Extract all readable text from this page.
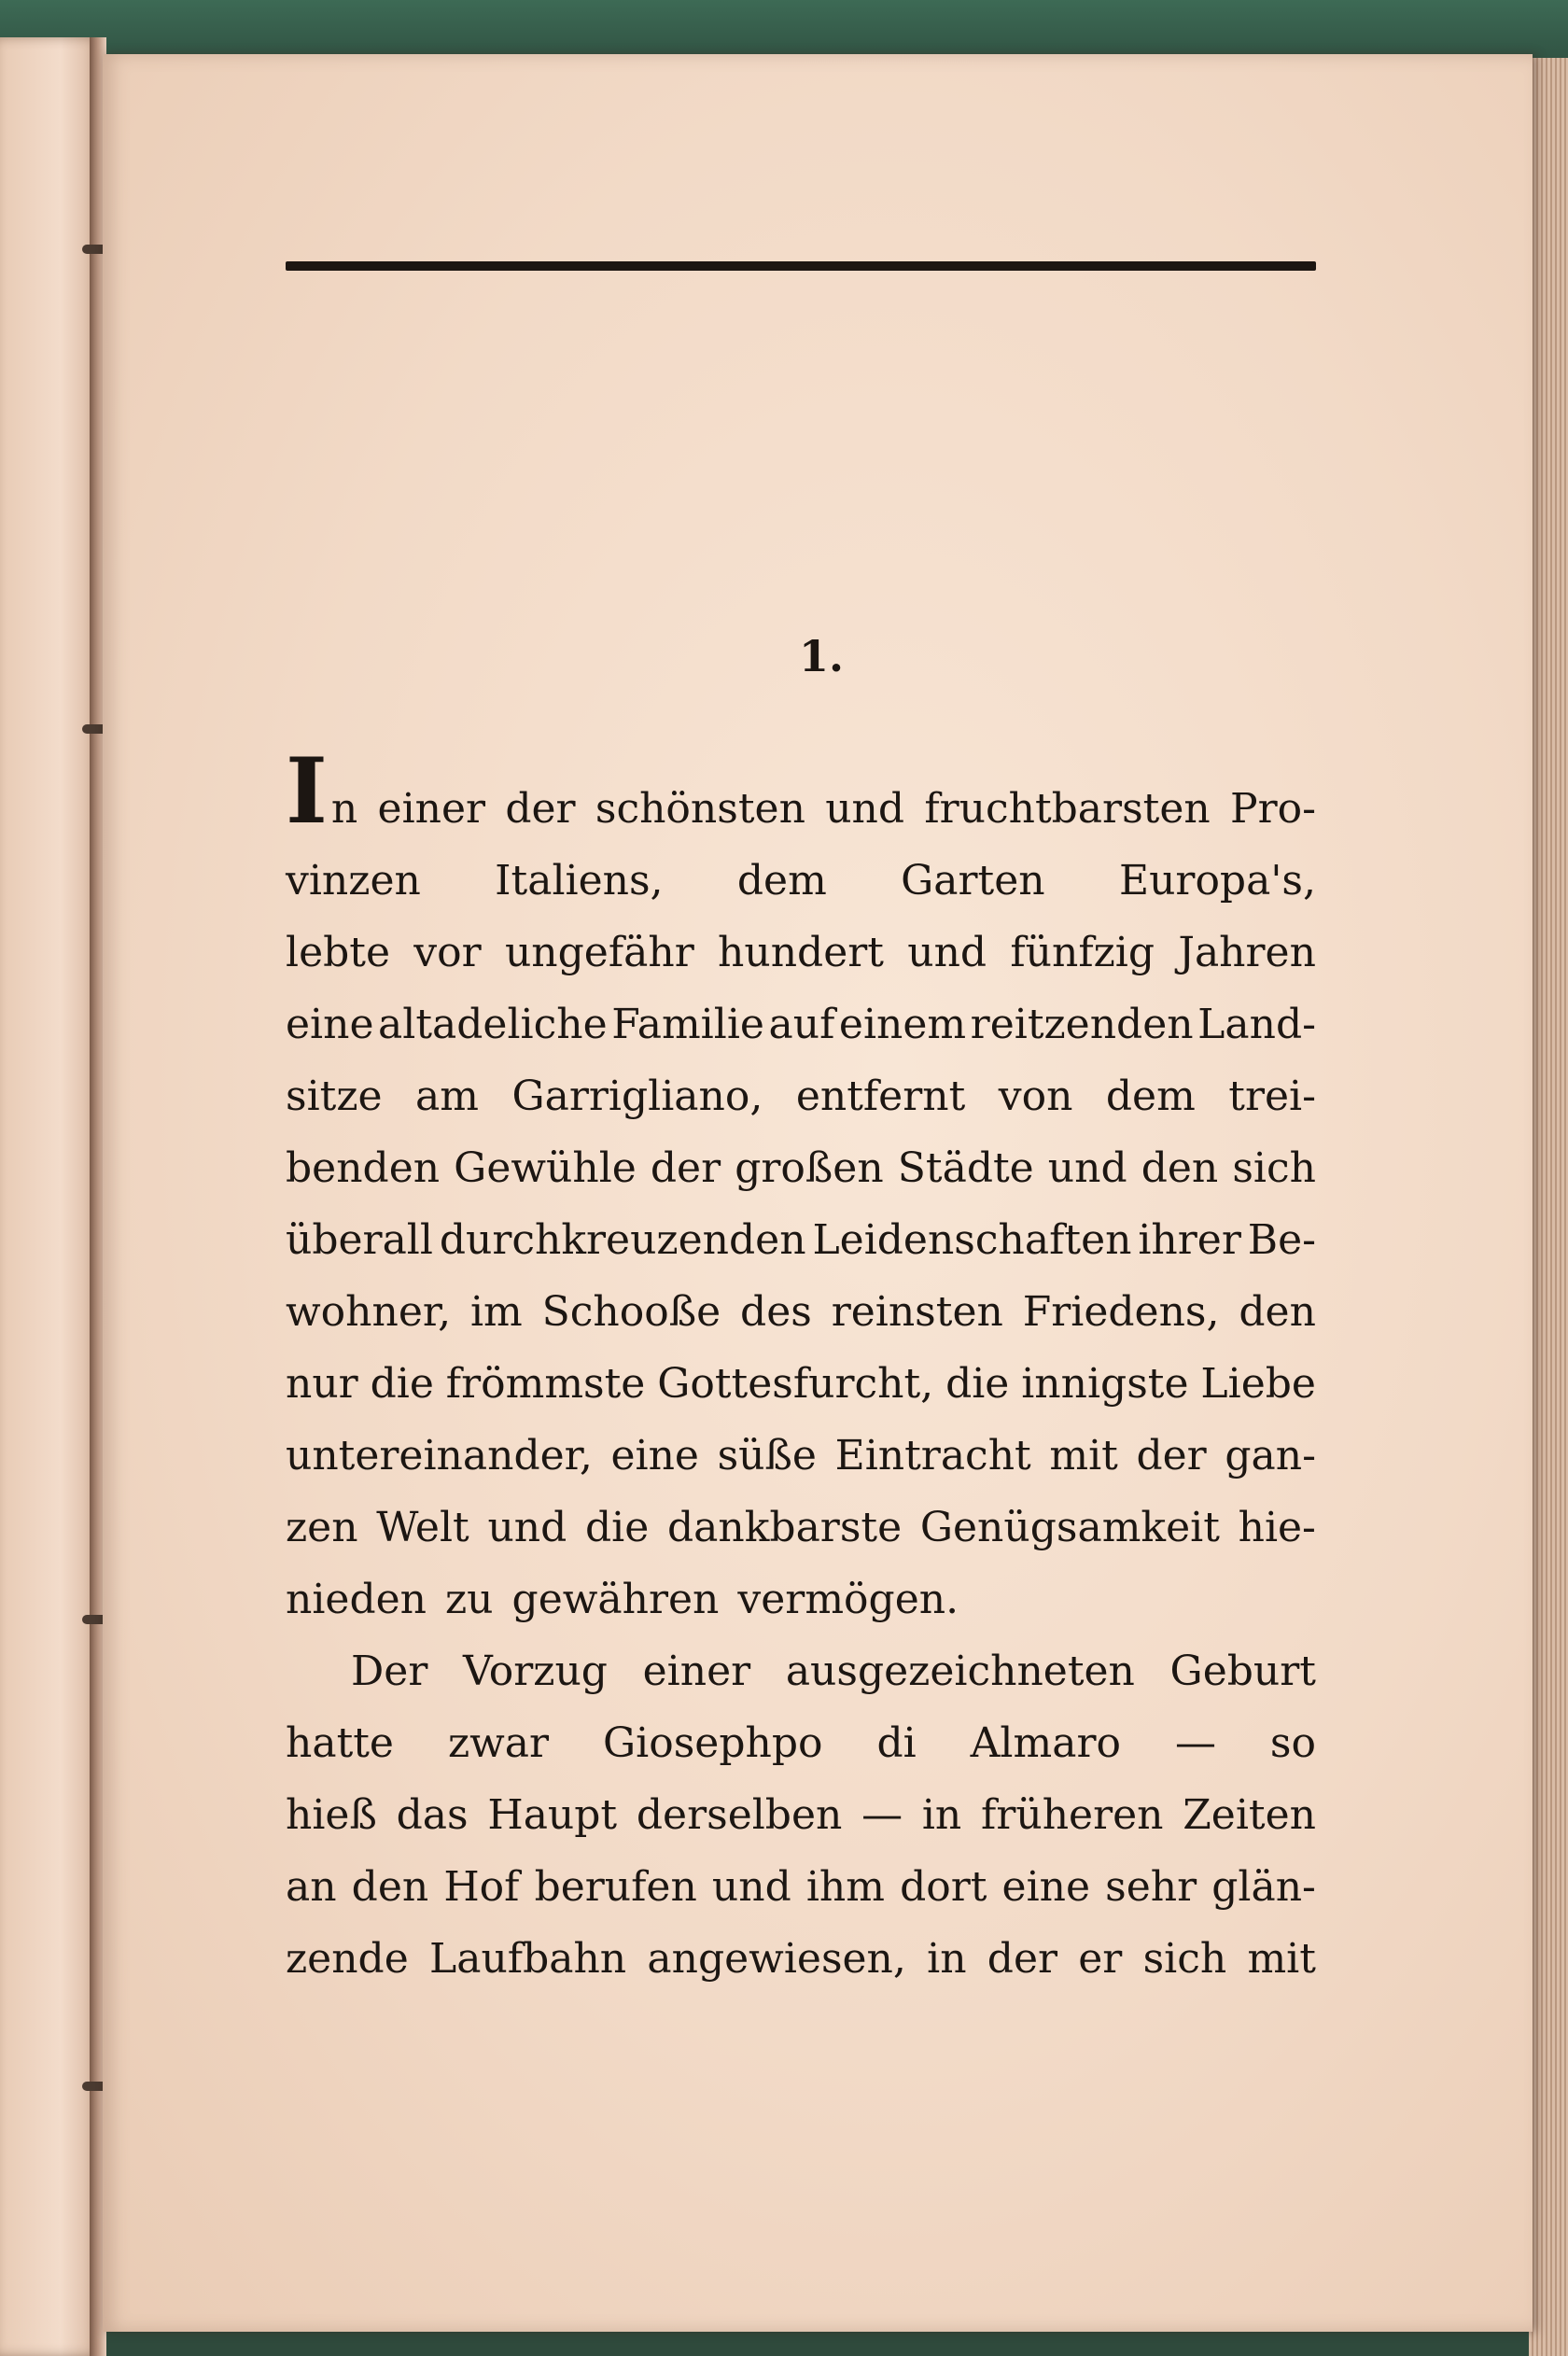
1.
In einer der schönsten und fruchtbarsten Pro-
vinzen Italiens, dem Garten Europa's,
lebte vor ungefähr hundert und fünfzig Jahren
eine altadeliche Familie auf einem reitzenden Land-
sitze am Garrigliano, entfernt von dem trei-
benden Gewühle der großen Städte und den sich
überall durchkreuzenden Leidenschaften ihrer Be-
wohner, im Schooße des reinsten Friedens, den
nur die frömmste Gottesfurcht, die innigste Liebe
untereinander, eine süße Eintracht mit der gan-
zen Welt und die dankbarste Genügsamkeit hie-
nieden zu gewähren vermögen.
Der Vorzug einer ausgezeichneten Geburt
hatte zwar Giosephpo di Almaro — so
hieß das Haupt derselben — in früheren Zeiten
an den Hof berufen und ihm dort eine sehr glän-
zende Laufbahn angewiesen, in der er sich mit
